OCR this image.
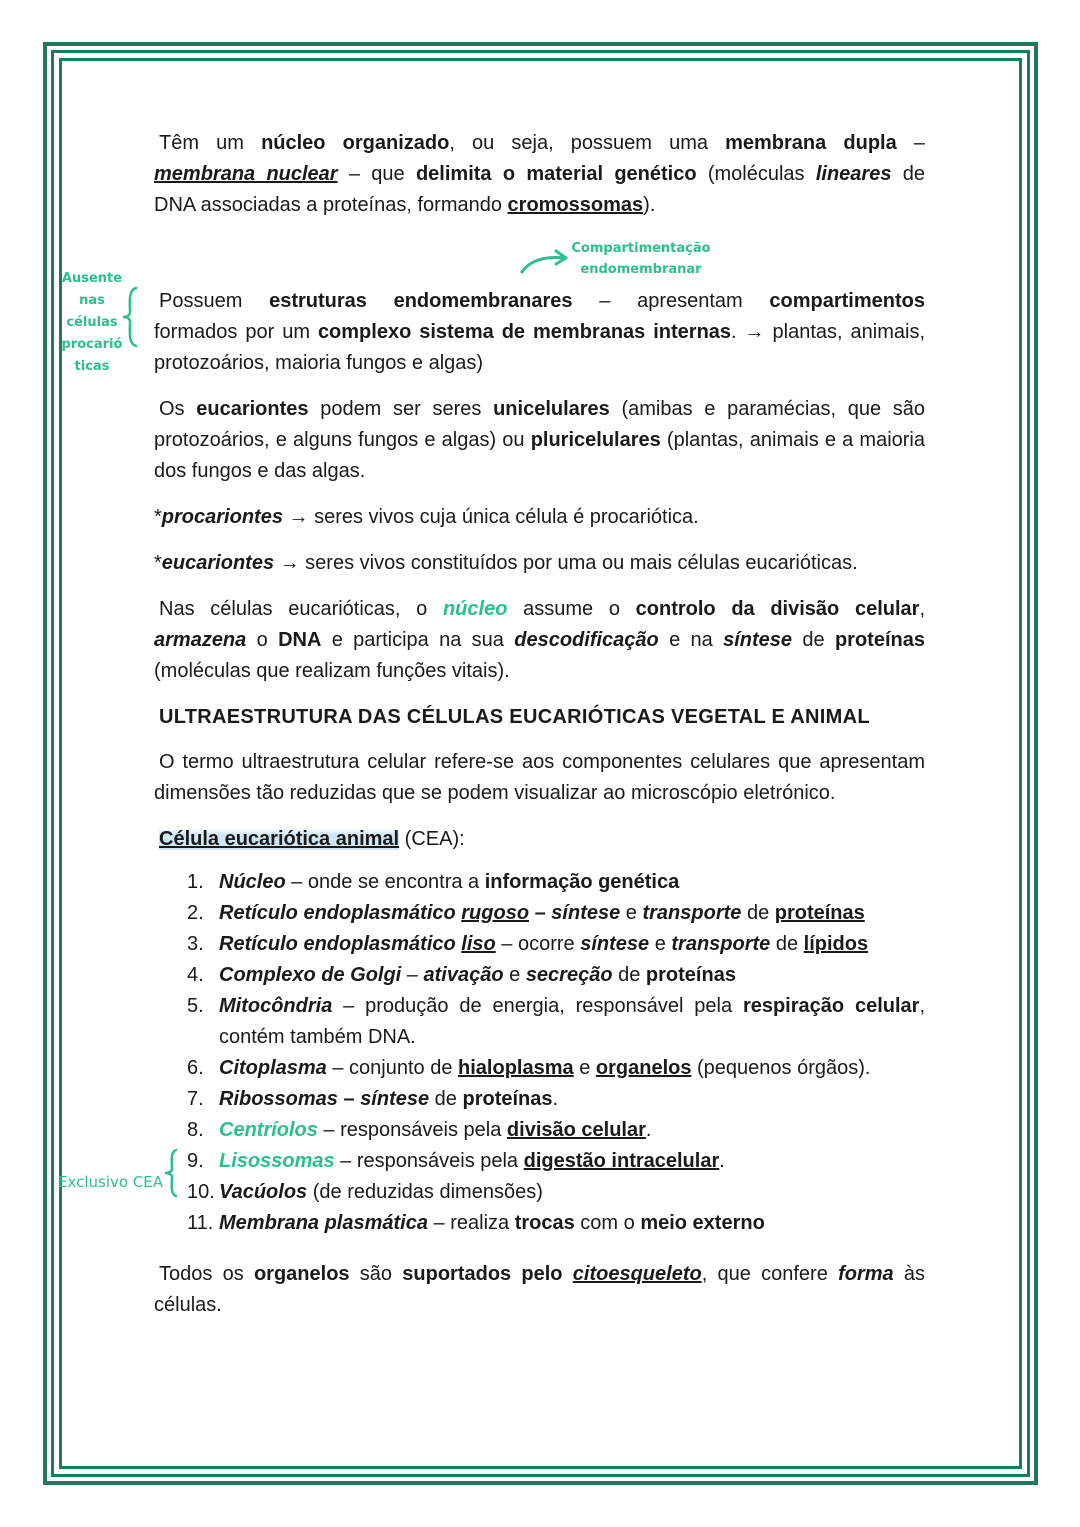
Ausente
nas
células
procarió
ticas
Compartimentação
endomembranar
Exclusivo CEA
Têm um núcleo organizado, ou seja, possuem uma membrana dupla –
membrana nuclear – que delimita o material genético (moléculas lineares de
DNA associadas a proteínas, formando cromossomas).
Possuem estruturas endomembranares – apresentam compartimentos
formados por um complexo sistema de membranas internas. → plantas, animais,
protozoários, maioria fungos e algas)
Os eucariontes podem ser seres unicelulares (amibas e paramécias, que são protozoários, e alguns fungos e algas) ou pluricelulares (plantas, animais e a maioria dos fungos e das algas.
*procariontes → seres vivos cuja única célula é procariótica.
*eucariontes → seres vivos constituídos por uma ou mais células eucarióticas.
Nas células eucarióticas, o núcleo assume o controlo da divisão celular,
armazena o DNA e participa na sua descodificação e na síntese de proteínas
(moléculas que realizam funções vitais).
ULTRAESTRUTURA DAS CÉLULAS EUCARIÓTICAS VEGETAL E ANIMAL
O termo ultraestrutura celular refere-se aos componentes celulares que apresentam dimensões tão reduzidas que se podem visualizar ao microscópio eletrónico.
Célula eucariótica animal (CEA):
1. Núcleo – onde se encontra a informação genética
2. Retículo endoplasmático rugoso – síntese e transporte de proteínas
3. Retículo endoplasmático liso – ocorre síntese e transporte de lípidos
4. Complexo de Golgi – ativação e secreção de proteínas
5. Mitocôndria – produção de energia, responsável pela respiração celular,
contém também DNA.
6. Citoplasma – conjunto de hialoplasma e organelos (pequenos órgãos).
7. Ribossomas – síntese de proteínas.
8. Centríolos – responsáveis pela divisão celular.
9. Lisossomas – responsáveis pela digestão intracelular.
10. Vacúolos (de reduzidas dimensões)
11. Membrana plasmática – realiza trocas com o meio externo
Todos os organelos são suportados pelo citoesqueleto, que confere forma às
células.
